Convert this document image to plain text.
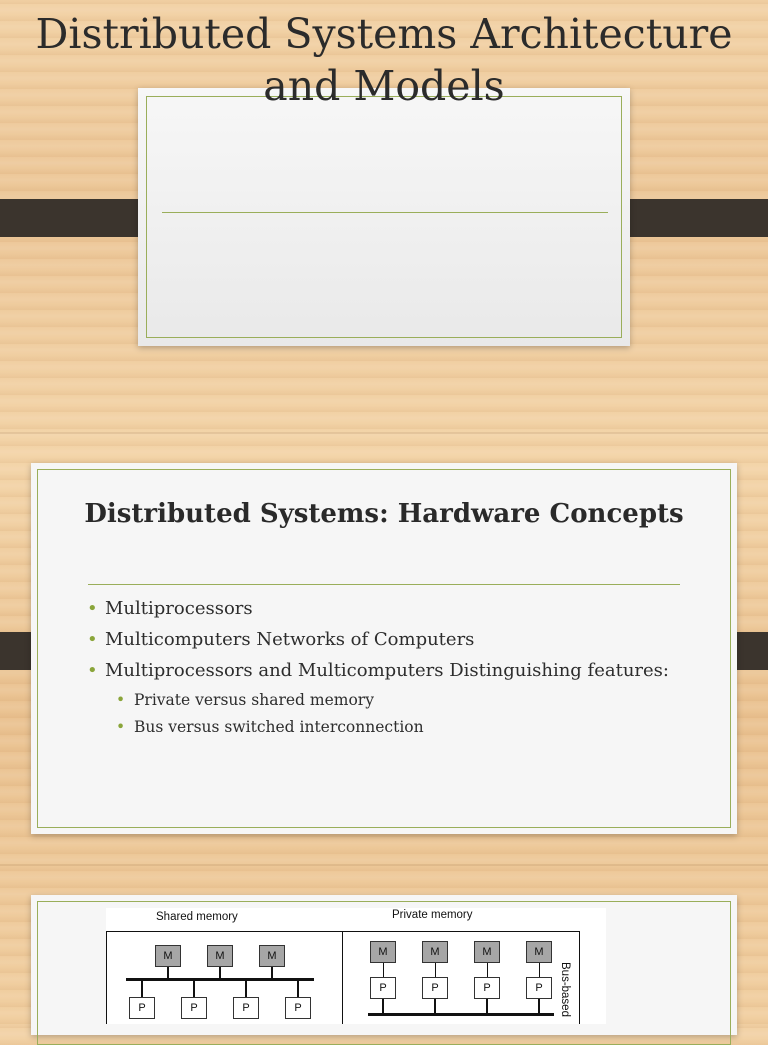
Distributed Systems Architecture and Models
Distributed Systems: Hardware Concepts
• Multiprocessors
• Multicomputers Networks of Computers
• Multiprocessors and Multicomputers Distinguishing features:
• Private versus shared memory
• Bus versus switched interconnection
Shared memory	Private memory
Bus-based
M	M	M
P	P	P	P
M	M	M	M
P	P	P	P
